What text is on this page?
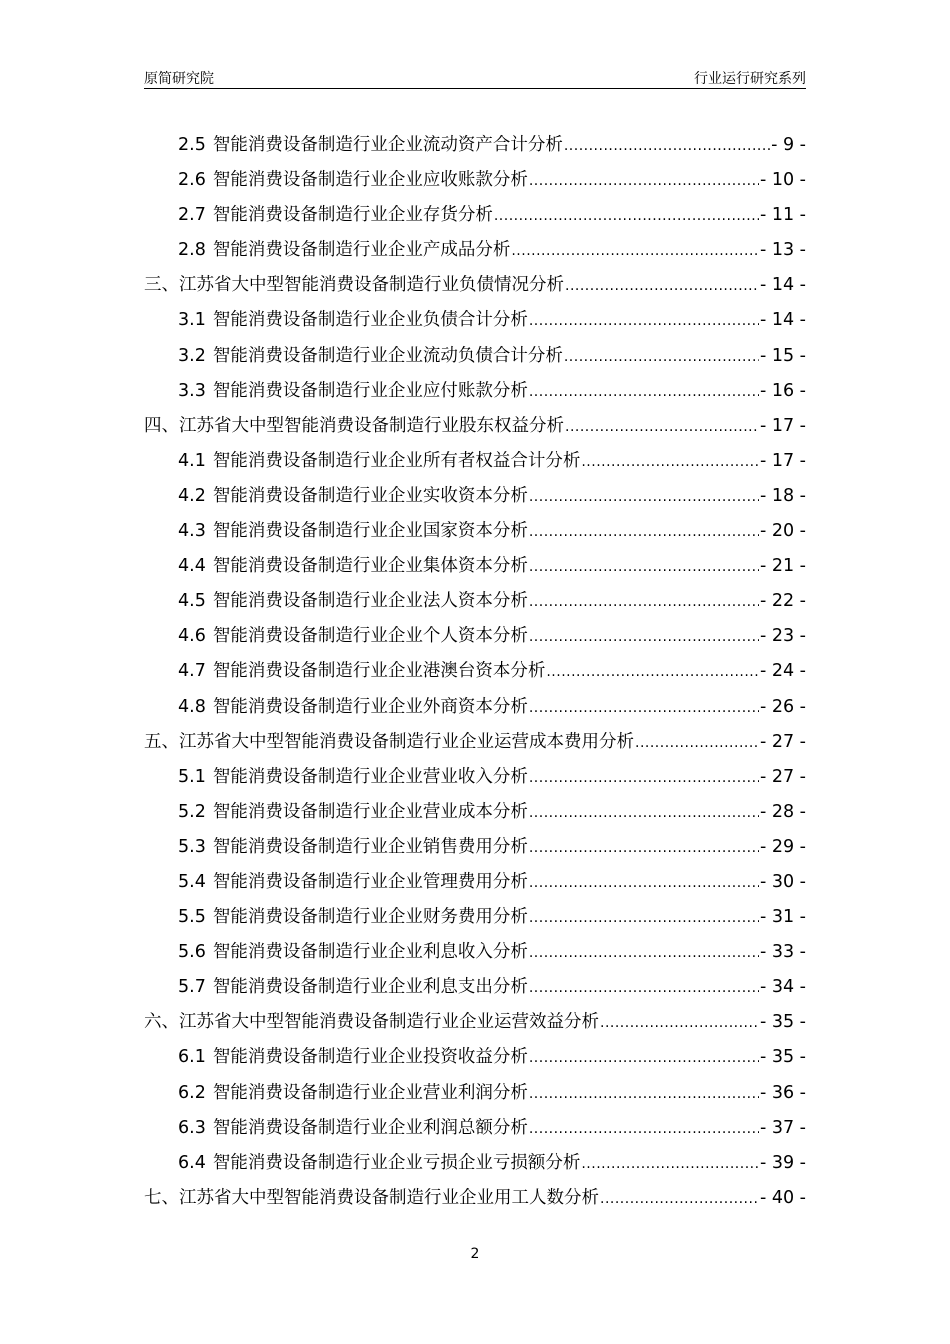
原简研究院	行业运行研究系列
2.5 智能消费设备制造行业企业流动资产合计分析 .....	- 9 -
2.6 智能消费设备制造行业企业应收账款分析 .....	- 10 -
2.7 智能消费设备制造行业企业存货分析 .....	- 11 -
2.8 智能消费设备制造行业企业产成品分析 .....	- 13 -
三、江苏省大中型智能消费设备制造行业负债情况分析 .....	- 14 -
3.1 智能消费设备制造行业企业负债合计分析 .....	- 14 -
3.2 智能消费设备制造行业企业流动负债合计分析 .....	- 15 -
3.3 智能消费设备制造行业企业应付账款分析 .....	- 16 -
四、江苏省大中型智能消费设备制造行业股东权益分析 .....	- 17 -
4.1 智能消费设备制造行业企业所有者权益合计分析 .....	- 17 -
4.2 智能消费设备制造行业企业实收资本分析 .....	- 18 -
4.3 智能消费设备制造行业企业国家资本分析 .....	- 20 -
4.4 智能消费设备制造行业企业集体资本分析 .....	- 21 -
4.5 智能消费设备制造行业企业法人资本分析 .....	- 22 -
4.6 智能消费设备制造行业企业个人资本分析 .....	- 23 -
4.7 智能消费设备制造行业企业港澳台资本分析 .....	- 24 -
4.8 智能消费设备制造行业企业外商资本分析 .....	- 26 -
五、江苏省大中型智能消费设备制造行业企业运营成本费用分析 .....	- 27 -
5.1 智能消费设备制造行业企业营业收入分析 .....	- 27 -
5.2 智能消费设备制造行业企业营业成本分析 .....	- 28 -
5.3 智能消费设备制造行业企业销售费用分析 .....	- 29 -
5.4 智能消费设备制造行业企业管理费用分析 .....	- 30 -
5.5 智能消费设备制造行业企业财务费用分析 .....	- 31 -
5.6 智能消费设备制造行业企业利息收入分析 .....	- 33 -
5.7 智能消费设备制造行业企业利息支出分析 .....	- 34 -
六、江苏省大中型智能消费设备制造行业企业运营效益分析 .....	- 35 -
6.1 智能消费设备制造行业企业投资收益分析 .....	- 35 -
6.2 智能消费设备制造行业企业营业利润分析 .....	- 36 -
6.3 智能消费设备制造行业企业利润总额分析 .....	- 37 -
6.4 智能消费设备制造行业企业亏损企业亏损额分析 .....	- 39 -
七、江苏省大中型智能消费设备制造行业企业用工人数分析 .....	- 40 -
2
